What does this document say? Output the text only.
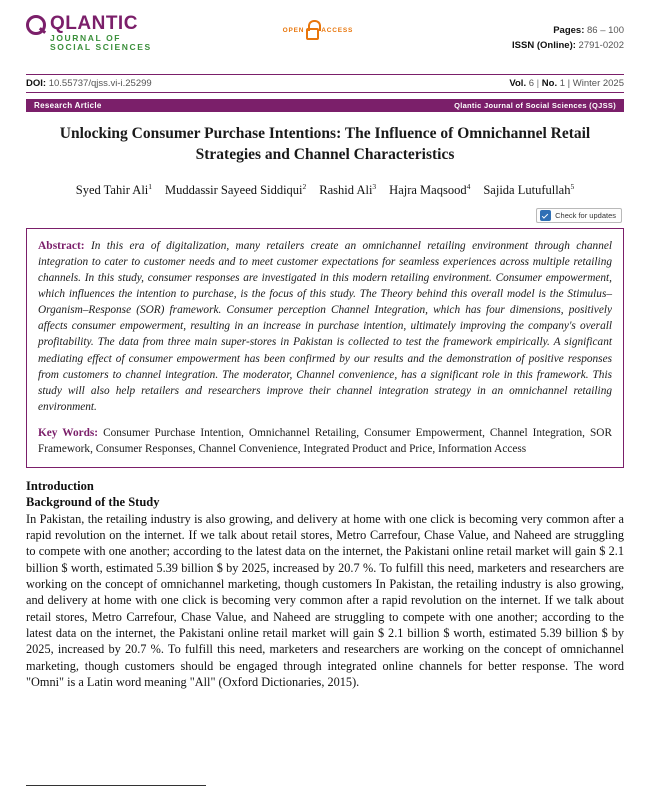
QLANTIC
JOURNAL OF
SOCIAL SCIENCES
OPEN	ACCESS	Pages: 86 – 100
ISSN (Online): 2791-0202
DOI: 10.55737/qjss.vi-i.25299	Vol. 6 | No. 1 | Winter 2025
Research Article	Qlantic Journal of Social Sciences (QJSS)
Unlocking Consumer Purchase Intentions: The Influence of Omnichannel Retail Strategies and Channel Characteristics
Syed Tahir Ali$^1$ Muddassir Sayeed Siddiqui$^2$ Rashid Ali$^3$ Hajra Maqsood$^4$ Sajida Lutufullah$^5$
Check for updates
Abstract: In this era of digitalization, many retailers create an omnichannel retailing environment through channel integration to cater to customer needs and to meet customer expectations for seamless experiences across multiple retailing channels. In this study, consumer responses are investigated in this modern retailing environment. Consumer empowerment, which influences the intention to purchase, is the focus of this study. The Theory behind this overall model is the Stimulus–Organism–Response (SOR) framework. Consumer perception Channel Integration, which has four dimensions, positively affects consumer empowerment, resulting in an increase in purchase intention, ultimately improving the company's overall profitability. The data from three main super-stores in Pakistan is collected to test the framework empirically. A significant mediating effect of consumer empowerment has been confirmed by our results and the demonstration of positive responses from customers to channel integration. The moderator, Channel convenience, has a significant role in this framework. This study will also help retailers and researchers improve their channel integration strategy in an omnichannel retailing environment.
Key Words: Consumer Purchase Intention, Omnichannel Retailing, Consumer Empowerment, Channel Integration, SOR Framework, Consumer Responses, Channel Convenience, Integrated Product and Price, Information Access
Introduction
Background of the Study
In Pakistan, the retailing industry is also growing, and delivery at home with one click is becoming very common after a rapid revolution on the internet. If we talk about retail stores, Metro Carrefour, Chase Value, and Naheed are struggling to compete with one another; according to the latest data on the internet, the Pakistani online retail market will gain $ 2.1 billion $ worth, estimated 5.39 billion $ by 2025, increased by 20.7 %. To fulfill this need, marketers and researchers are working on the concept of omnichannel marketing, though customers In Pakistan, the retailing industry is also growing, and delivery at home with one click is becoming very common after a rapid revolution on the internet. If we talk about retail stores, Metro Carrefour, Chase Value, and Naheed are struggling to compete with one another; according to the latest data on the internet, the Pakistani online retail market will gain $ 2.1 billion $ worth, estimated 5.39 billion $ by 2025, increased by 20.7 %. To fulfill this need, marketers and researchers are working on the concept of omnichannel marketing, though customers should be engaged through integrated online channels for better response. The word "Omni" is a Latin word meaning "All" (Oxford Dictionaries, 2015).
